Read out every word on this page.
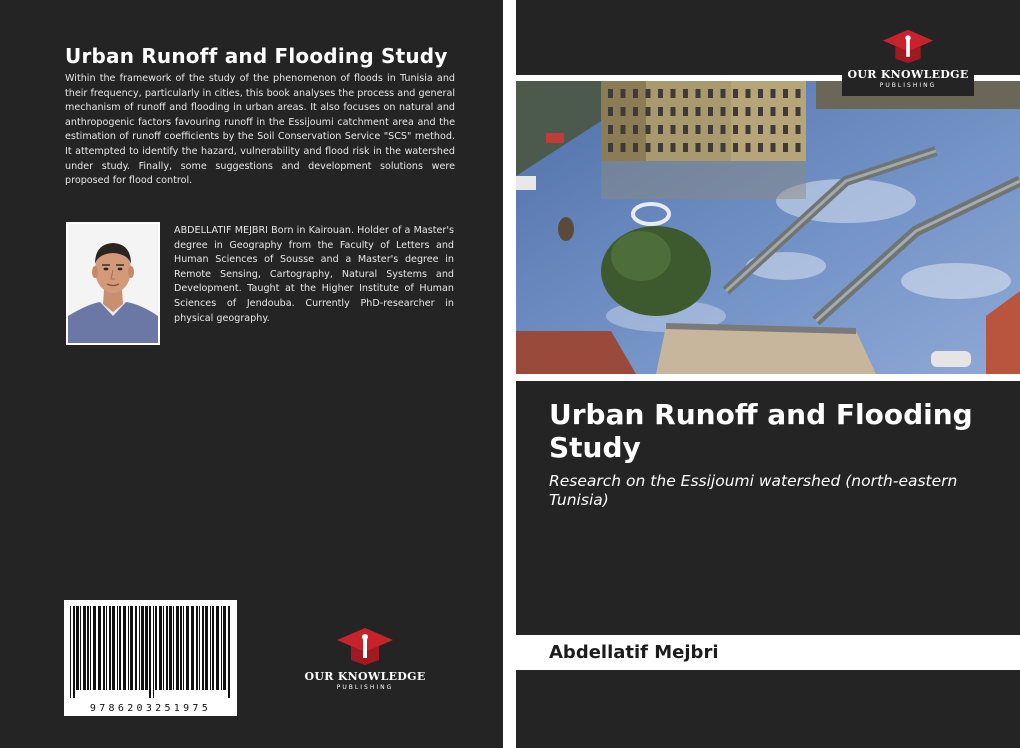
Urban Runoff and Flooding Study
Within the framework of the study of the phenomenon of floods in Tunisia and their frequency, particularly in cities, this book analyses the process and general mechanism of runoff and flooding in urban areas. It also focuses on natural and anthropogenic factors favouring runoff in the Essijoumi catchment area and the estimation of runoff coefficients by the Soil Conservation Service "SCS" method. It attempted to identify the hazard, vulnerability and flood risk in the watershed under study. Finally, some suggestions and development solutions were proposed for flood control.
ABDELLATIF MEJBRI Born in Kairouan. Holder of a Master's degree in Geography from the Faculty of Letters and Human Sciences of Sousse and a Master's degree in Remote Sensing, Cartography, Natural Systems and Development. Taught at the Higher Institute of Human Sciences of Jendouba. Currently PhD-researcher in physical geography.
9786203251975
OUR KNOWLEDGE
PUBLISHING
OUR KNOWLEDGE
PUBLISHING
Urban Runoff and Flooding Study
Research on the Essijoumi watershed (north-eastern Tunisia)
Abdellatif Mejbri
